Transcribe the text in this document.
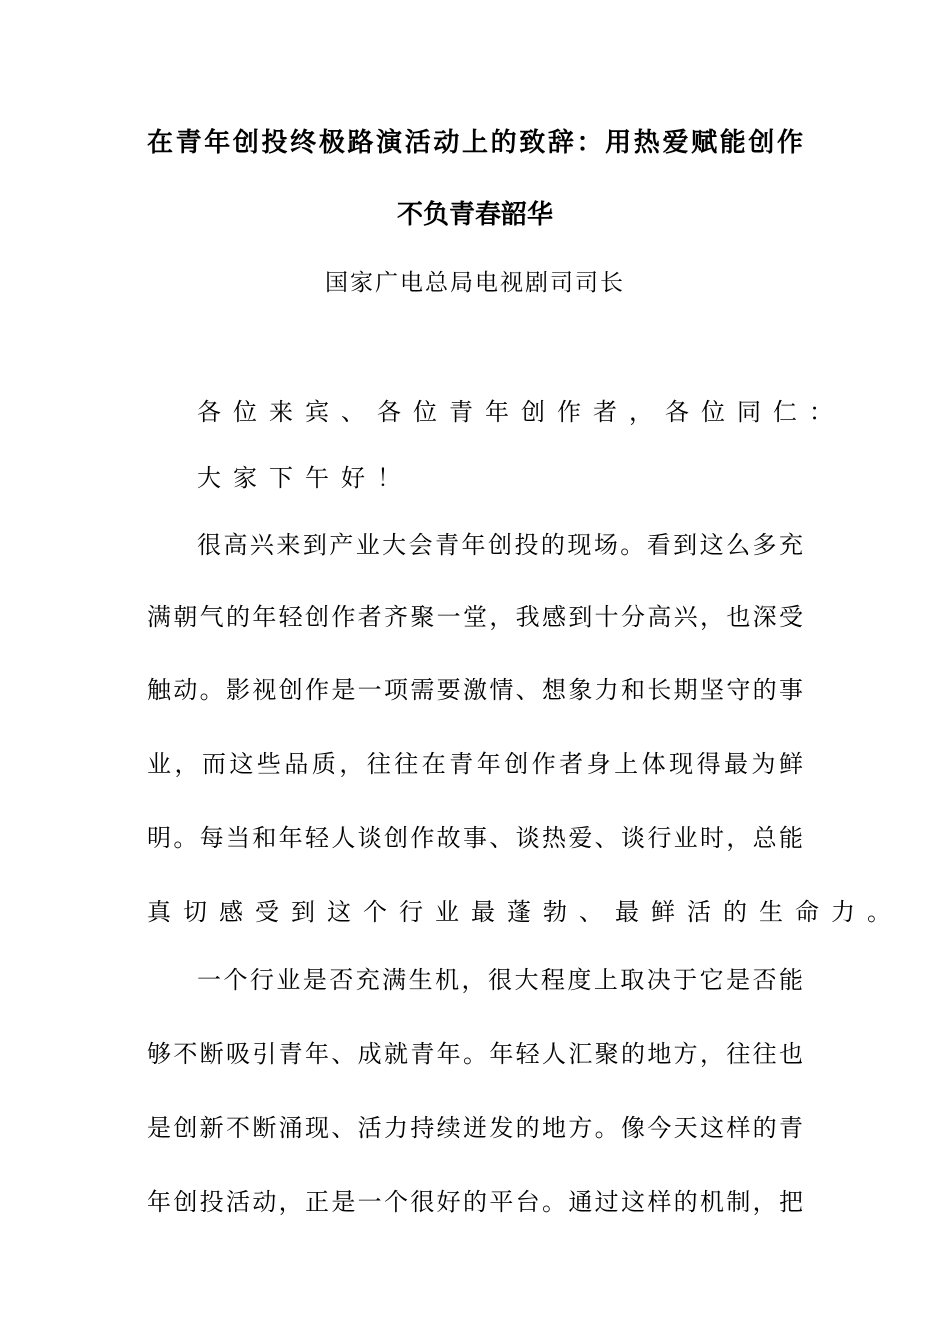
在青年创投终极路演活动上的致辞：用热爱赋能创作
不负青春韶华
国家广电总局电视剧司司长
各位来宾、各位青年创作者，各位同仁：
大家下午好！
很高兴来到产业大会青年创投的现场。看到这么多充
满朝气的年轻创作者齐聚一堂，我感到十分高兴，也深受
触动。影视创作是一项需要激情、想象力和长期坚守的事
业，而这些品质，往往在青年创作者身上体现得最为鲜
明。每当和年轻人谈创作故事、谈热爱、谈行业时，总能
真切感受到这个行业最蓬勃、最鲜活的生命力。
一个行业是否充满生机，很大程度上取决于它是否能
够不断吸引青年、成就青年。年轻人汇聚的地方，往往也
是创新不断涌现、活力持续迸发的地方。像今天这样的青
年创投活动，正是一个很好的平台。通过这样的机制，把
